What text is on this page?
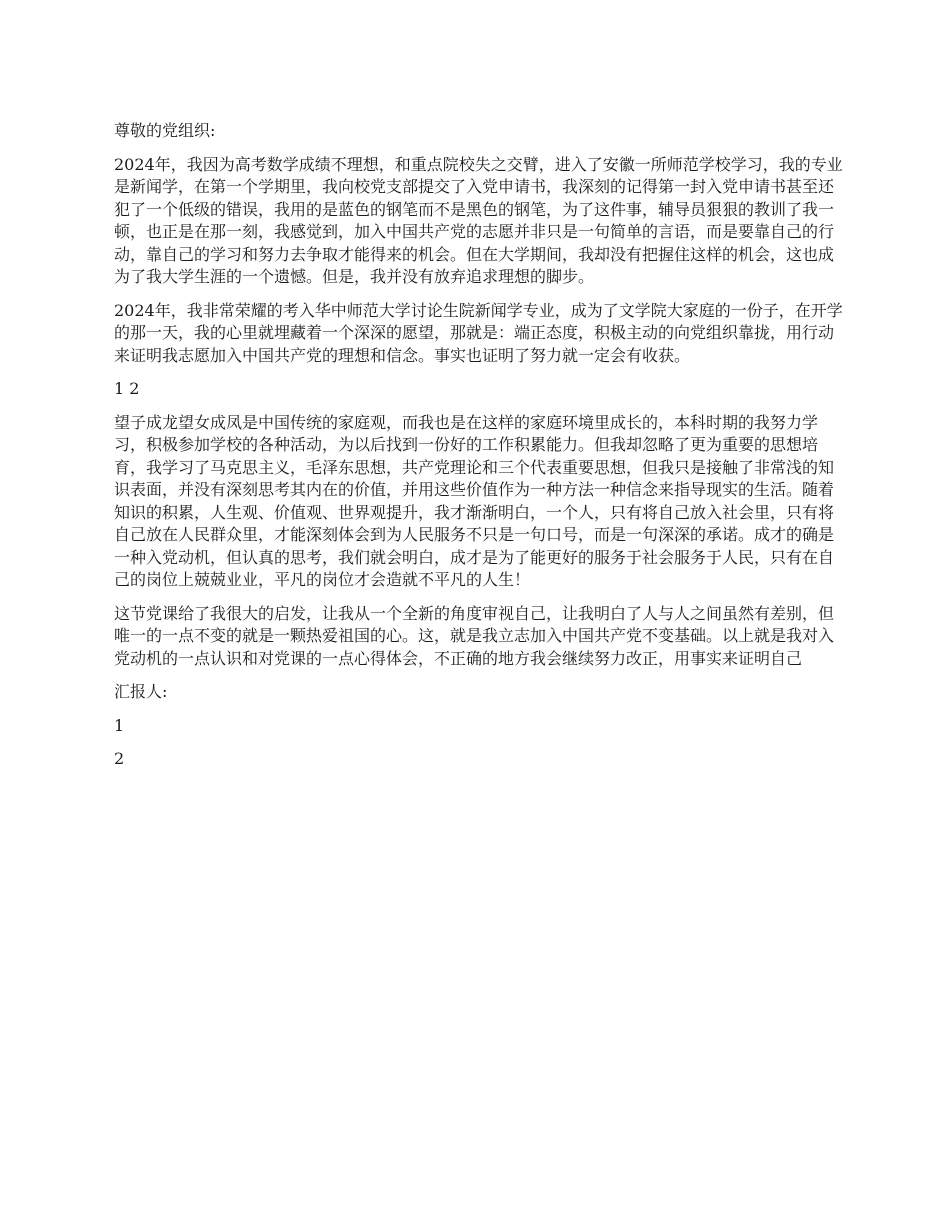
尊敬的党组织:

2024年，我因为高考数学成绩不理想，和重点院校失之交臂，进入了安徽一所师范学校学习，我的专业是新闻学，在第一个学期里，我向校党支部提交了入党申请书，我深刻的记得第一封入党申请书甚至还犯了一个低级的错误，我用的是蓝色的钢笔而不是黑色的钢笔，为了这件事，辅导员狠狠的教训了我一顿，也正是在那一刻，我感觉到，加入中国共产党的志愿并非只是一句简单的言语，而是要靠自己的行动，靠自己的学习和努力去争取才能得来的机会。但在大学期间，我却没有把握住这样的机会，这也成为了我大学生涯的一个遗憾。但是，我并没有放弃追求理想的脚步。

2024年，我非常荣耀的考入华中师范大学讨论生院新闻学专业，成为了文学院大家庭的一份子，在开学的那一天，我的心里就埋藏着一个深深的愿望，那就是：端正态度，积极主动的向党组织靠拢，用行动来证明我志愿加入中国共产党的理想和信念。事实也证明了努力就一定会有收获。

1 2

望子成龙望女成凤是中国传统的家庭观，而我也是在这样的家庭环境里成长的，本科时期的我努力学习，积极参加学校的各种活动，为以后找到一份好的工作积累能力。但我却忽略了更为重要的思想培育，我学习了马克思主义，毛泽东思想，共产党理论和三个代表重要思想，但我只是接触了非常浅的知识表面，并没有深刻思考其内在的价值，并用这些价值作为一种方法一种信念来指导现实的生活。随着知识的积累，人生观、价值观、世界观提升，我才渐渐明白，一个人，只有将自己放入社会里，只有将自己放在人民群众里，才能深刻体会到为人民服务不只是一句口号，而是一句深深的承诺。成才的确是一种入党动机，但认真的思考，我们就会明白，成才是为了能更好的服务于社会服务于人民，只有在自己的岗位上兢兢业业，平凡的岗位才会造就不平凡的人生！

这节党课给了我很大的启发，让我从一个全新的角度审视自己，让我明白了人与人之间虽然有差别，但唯一的一点不变的就是一颗热爱祖国的心。这，就是我立志加入中国共产党不变基础。以上就是我对入党动机的一点认识和对党课的一点心得体会，不正确的地方我会继续努力改正，用事实来证明自己

汇报人:

1

2
